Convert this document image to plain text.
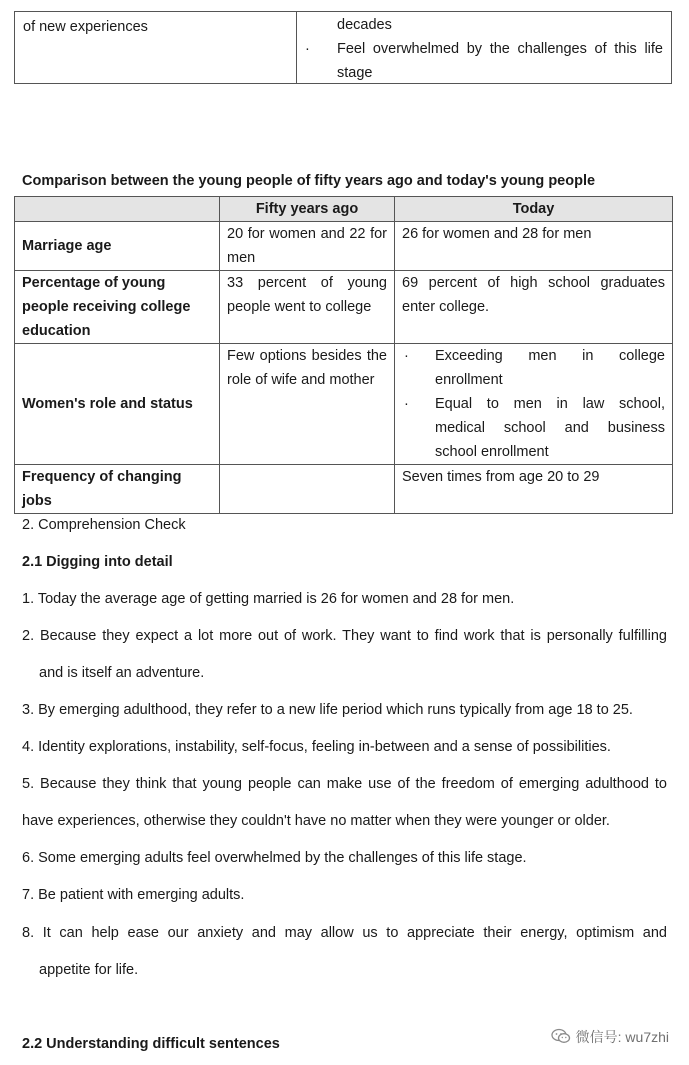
of new experiences	decades
· Feel overwhelmed by the challenges of this life
stage
Comparison between the young people of fifty years ago and today's young people
	Fifty years ago	Today
Marriage age	20 for women and 22 for men	26 for women and 28 for men
Percentage of young people receiving college education	33 percent of young people went to college	69 percent of high school graduates enter college.
Women's role and status	Few options besides the role of wife and mother	· Exceeding men in college enrollment
· Equal to men in law school, medical school and business school enrollment

Frequency of changing jobs		Seven times from age 20 to 29
2. Comprehension Check
2.1 Digging into detail
1. Today the average age of getting married is 26 for women and 28 for men.
2. Because they expect a lot more out of work. They want to find work that is personally fulfilling
and is itself an adventure.
3. By emerging adulthood, they refer to a new life period which runs typically from age 18 to 25.
4. Identity explorations, instability, self-focus, feeling in-between and a sense of possibilities.
5. Because they think that young people can make use of the freedom of emerging adulthood to
have experiences, otherwise they couldn't have no matter when they were younger or older.
6. Some emerging adults feel overwhelmed by the challenges of this life stage.
7. Be patient with emerging adults.
8. It can help ease our anxiety and may allow us to appreciate their energy, optimism and
appetite for life.
2.2 Understanding difficult sentences	微信号: wu7zhi
